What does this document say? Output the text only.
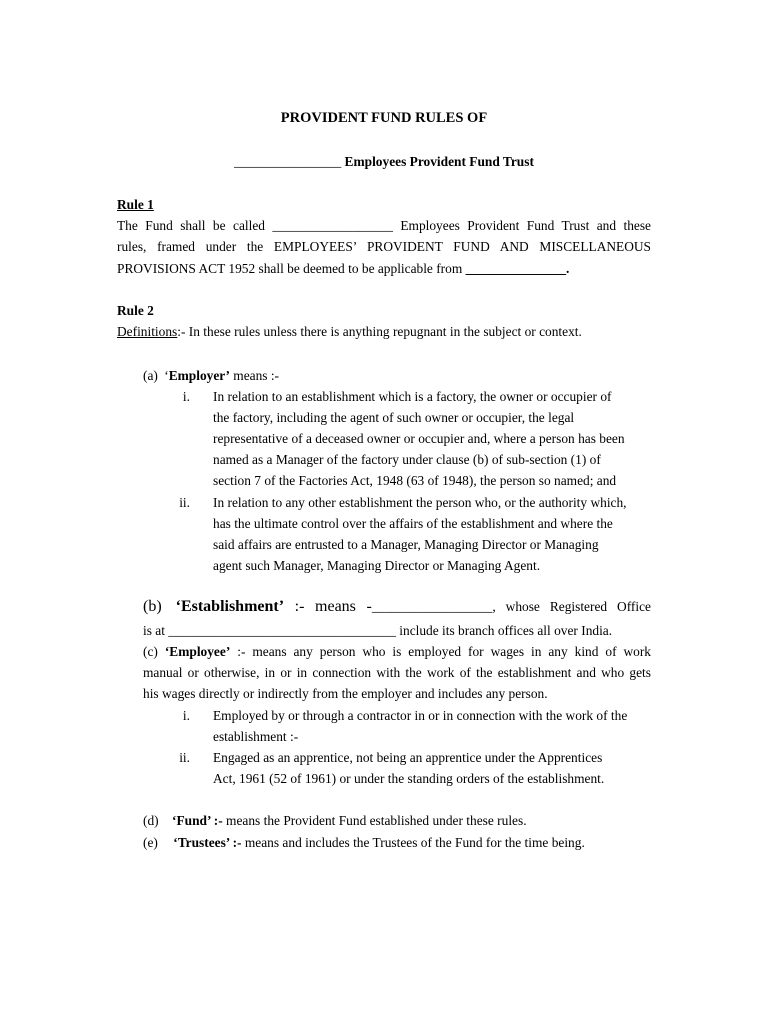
PROVIDENT FUND RULES OF
________________ Employees Provident Fund Trust
Rule 1
The Fund shall be called __________________ Employees Provident Fund Trust and these
rules, framed under the EMPLOYEES’ PROVIDENT FUND AND MISCELLANEOUS
PROVISIONS ACT 1952 shall be deemed to be applicable from _______________.
Rule 2
Definitions:- In these rules unless there is anything repugnant in the subject or context.
(a) ‘Employer’ means :-
i. In relation to an establishment which is a factory, the owner or occupier of
the factory, including the agent of such owner or occupier, the legal
representative of a deceased owner or occupier and, where a person has been
named as a Manager of the factory under clause (b) of sub-section (1) of
section 7 of the Factories Act, 1948 (63 of 1948), the person so named; and
ii. In relation to any other establishment the person who, or the authority which,
has the ultimate control over the affairs of the establishment and where the
said affairs are entrusted to a Manager, Managing Director or Managing
agent such Manager, Managing Director or Managing Agent.
(b) ‘Establishment’ :- means -__________________, whose Registered Office
is at __________________________________ include its branch offices all over India.
(c) ‘Employee’ :- means any person who is employed for wages in any kind of work
manual or otherwise, in or in connection with the work of the establishment and who gets
his wages directly or indirectly from the employer and includes any person.
i. Employed by or through a contractor in or in connection with the work of the
establishment :-
ii. Engaged as an apprentice, not being an apprentice under the Apprentices
Act, 1961 (52 of 1961) or under the standing orders of the establishment.
(d) ‘Fund’ :- means the Provident Fund established under these rules.
(e) ‘Trustees’ :- means and includes the Trustees of the Fund for the time being.
